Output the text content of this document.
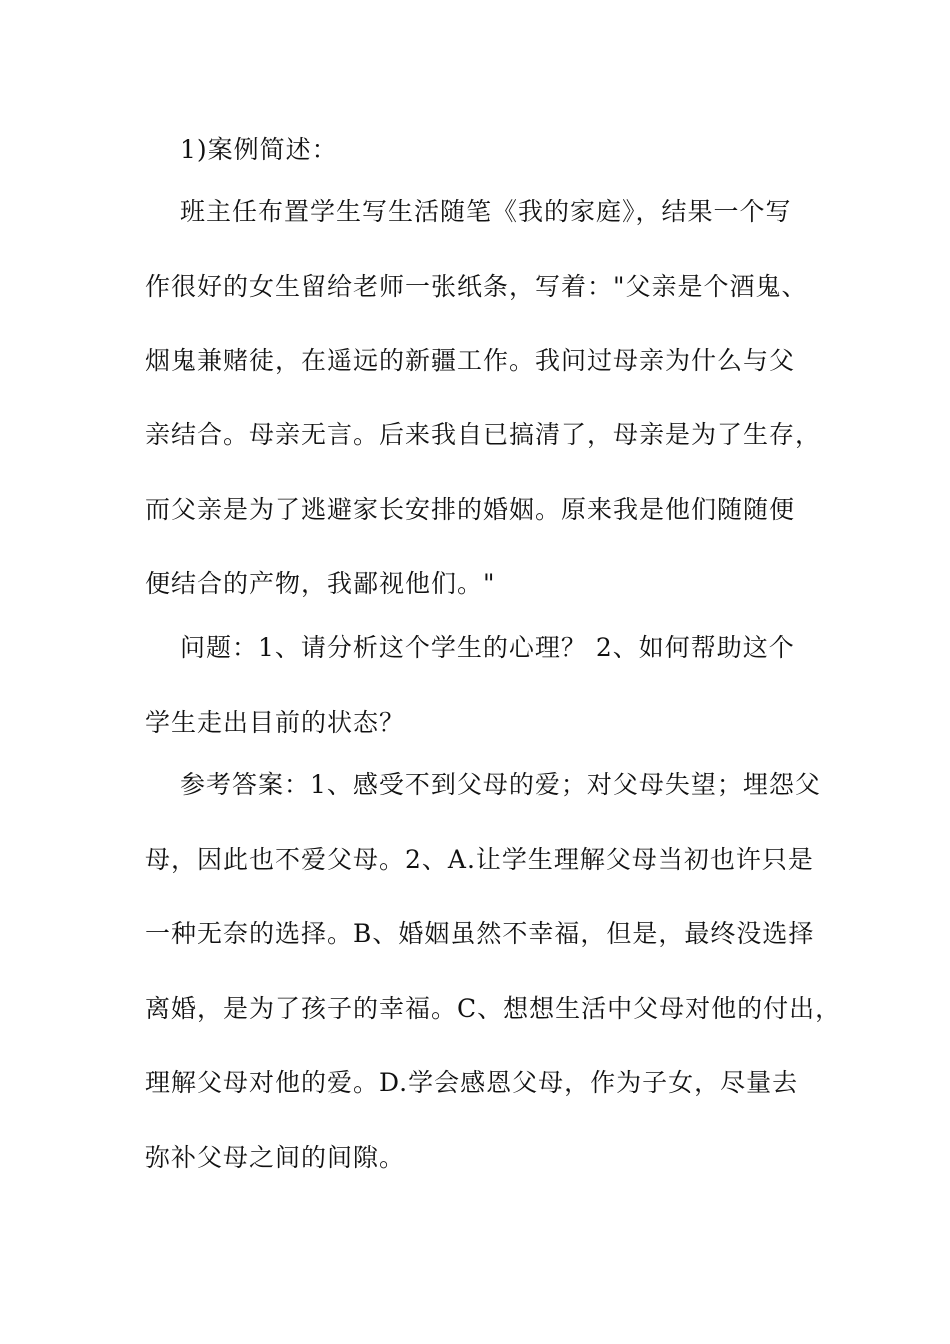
1)案例简述：
班主任布置学生写生活随笔《我的家庭》，结果一个写
作很好的女生留给老师一张纸条，写着："父亲是个酒鬼、
烟鬼兼赌徒，在遥远的新疆工作。我问过母亲为什么与父
亲结合。母亲无言。后来我自已搞清了，母亲是为了生存，
而父亲是为了逃避家长安排的婚姻。原来我是他们随随便
便结合的产物，我鄙视他们。"
问题：1、请分析这个学生的心理？ 2、如何帮助这个
学生走出目前的状态？
参考答案：1、感受不到父母的爱；对父母失望；埋怨父
母，因此也不爱父母。2、A.让学生理解父母当初也许只是
一种无奈的选择。B、婚姻虽然不幸福，但是，最终没选择
离婚，是为了孩子的幸福。C、想想生活中父母对他的付出，
理解父母对他的爱。D.学会感恩父母，作为子女，尽量去
弥补父母之间的间隙。
